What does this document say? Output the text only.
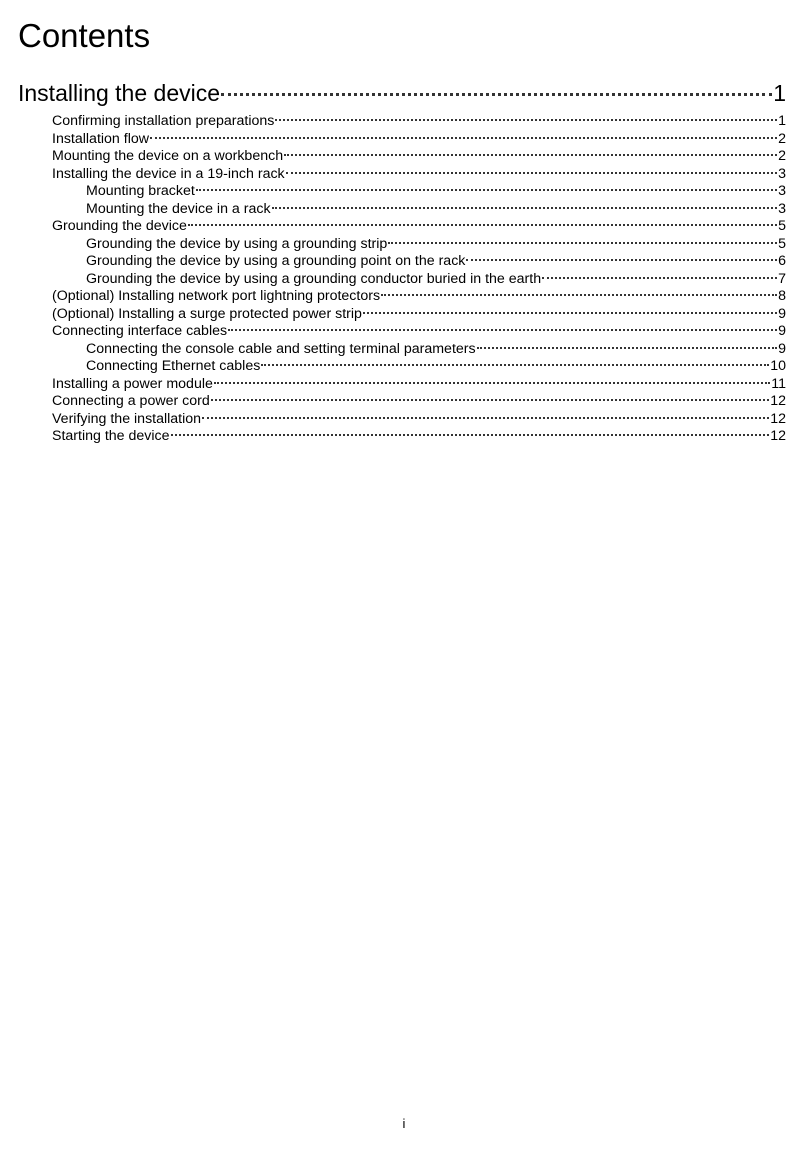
Contents
Installing the device	1
Confirming installation preparations	1
Installation flow	2
Mounting the device on a workbench	2
Installing the device in a 19-inch rack	3
Mounting bracket	3
Mounting the device in a rack	3
Grounding the device	5
Grounding the device by using a grounding strip	5
Grounding the device by using a grounding point on the rack	6
Grounding the device by using a grounding conductor buried in the earth	7
(Optional) Installing network port lightning protectors	8
(Optional) Installing a surge protected power strip	9
Connecting interface cables	9
Connecting the console cable and setting terminal parameters	9
Connecting Ethernet cables	10
Installing a power module	11
Connecting a power cord	12
Verifying the installation	12
Starting the device	12
i
